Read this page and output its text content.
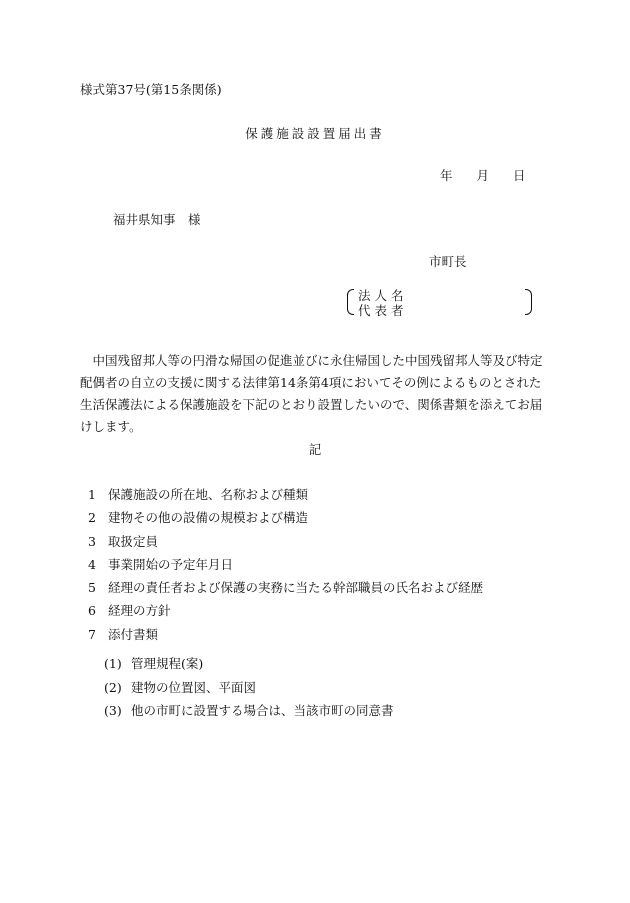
様式第37号(第15条関係)
保護施設設置届出書
年 月 日
福井県知事　様
市町長
法人名
代表者

中国残留邦人等の円滑な帰国の促進並びに永住帰国した中国残留邦人等及び特定配偶者の自立の支援に関する法律第14条第4項においてその例によるものとされた生活保護法による保護施設を下記のとおり設置したいので、関係書類を添えてお届けします。

記
1 保護施設の所在地、名称および種類
2 建物その他の設備の規模および構造
3 取扱定員
4 事業開始の予定年月日
5 経理の責任者および保護の実務に当たる幹部職員の氏名および経歴
6 経理の方針
7 添付書類
(1) 管理規程(案)
(2) 建物の位置図、平面図
(3) 他の市町に設置する場合は、当該市町の同意書
